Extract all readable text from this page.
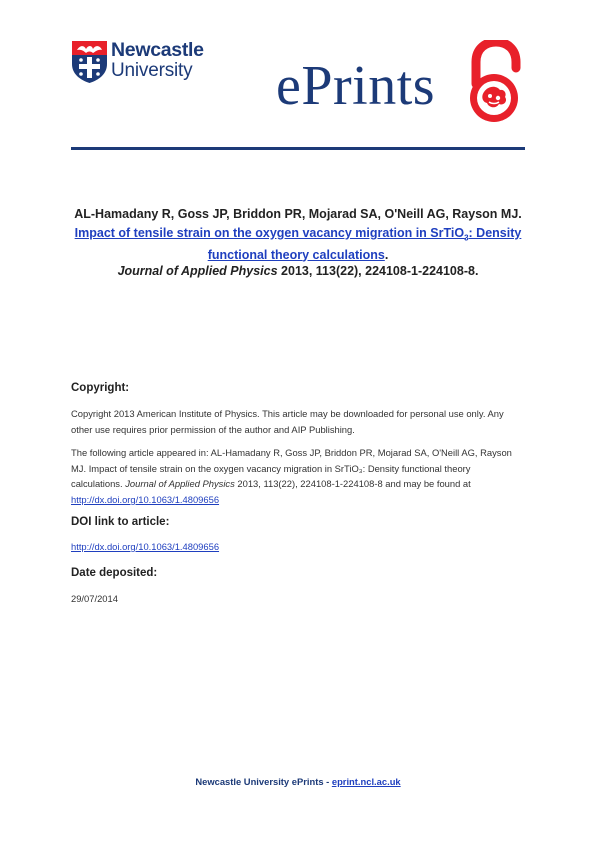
Newcastle
University ePrints
AL-Hamadany R, Goss JP, Briddon PR, Mojarad SA, O'Neill AG, Rayson MJ.
Impact of tensile strain on the oxygen vacancy migration in SrTiO$_3$: Density
functional theory calculations.
Journal of Applied Physics 2013, 113(22), 224108-1-224108-8.
Copyright:
Copyright 2013 American Institute of Physics. This article may be downloaded for personal use only. Any
other use requires prior permission of the author and AIP Publishing.
The following article appeared in: AL-Hamadany R, Goss JP, Briddon PR, Mojarad SA, O'Neill AG, Rayson
MJ. Impact of tensile strain on the oxygen vacancy migration in SrTiO₃: Density functional theory
calculations. Journal of Applied Physics 2013, 113(22), 224108-1-224108-8 and may be found at
http://dx.doi.org/10.1063/1.4809656
DOI link to article:
http://dx.doi.org/10.1063/1.4809656
Date deposited:
29/07/2014
Newcastle University ePrints - eprint.ncl.ac.uk
